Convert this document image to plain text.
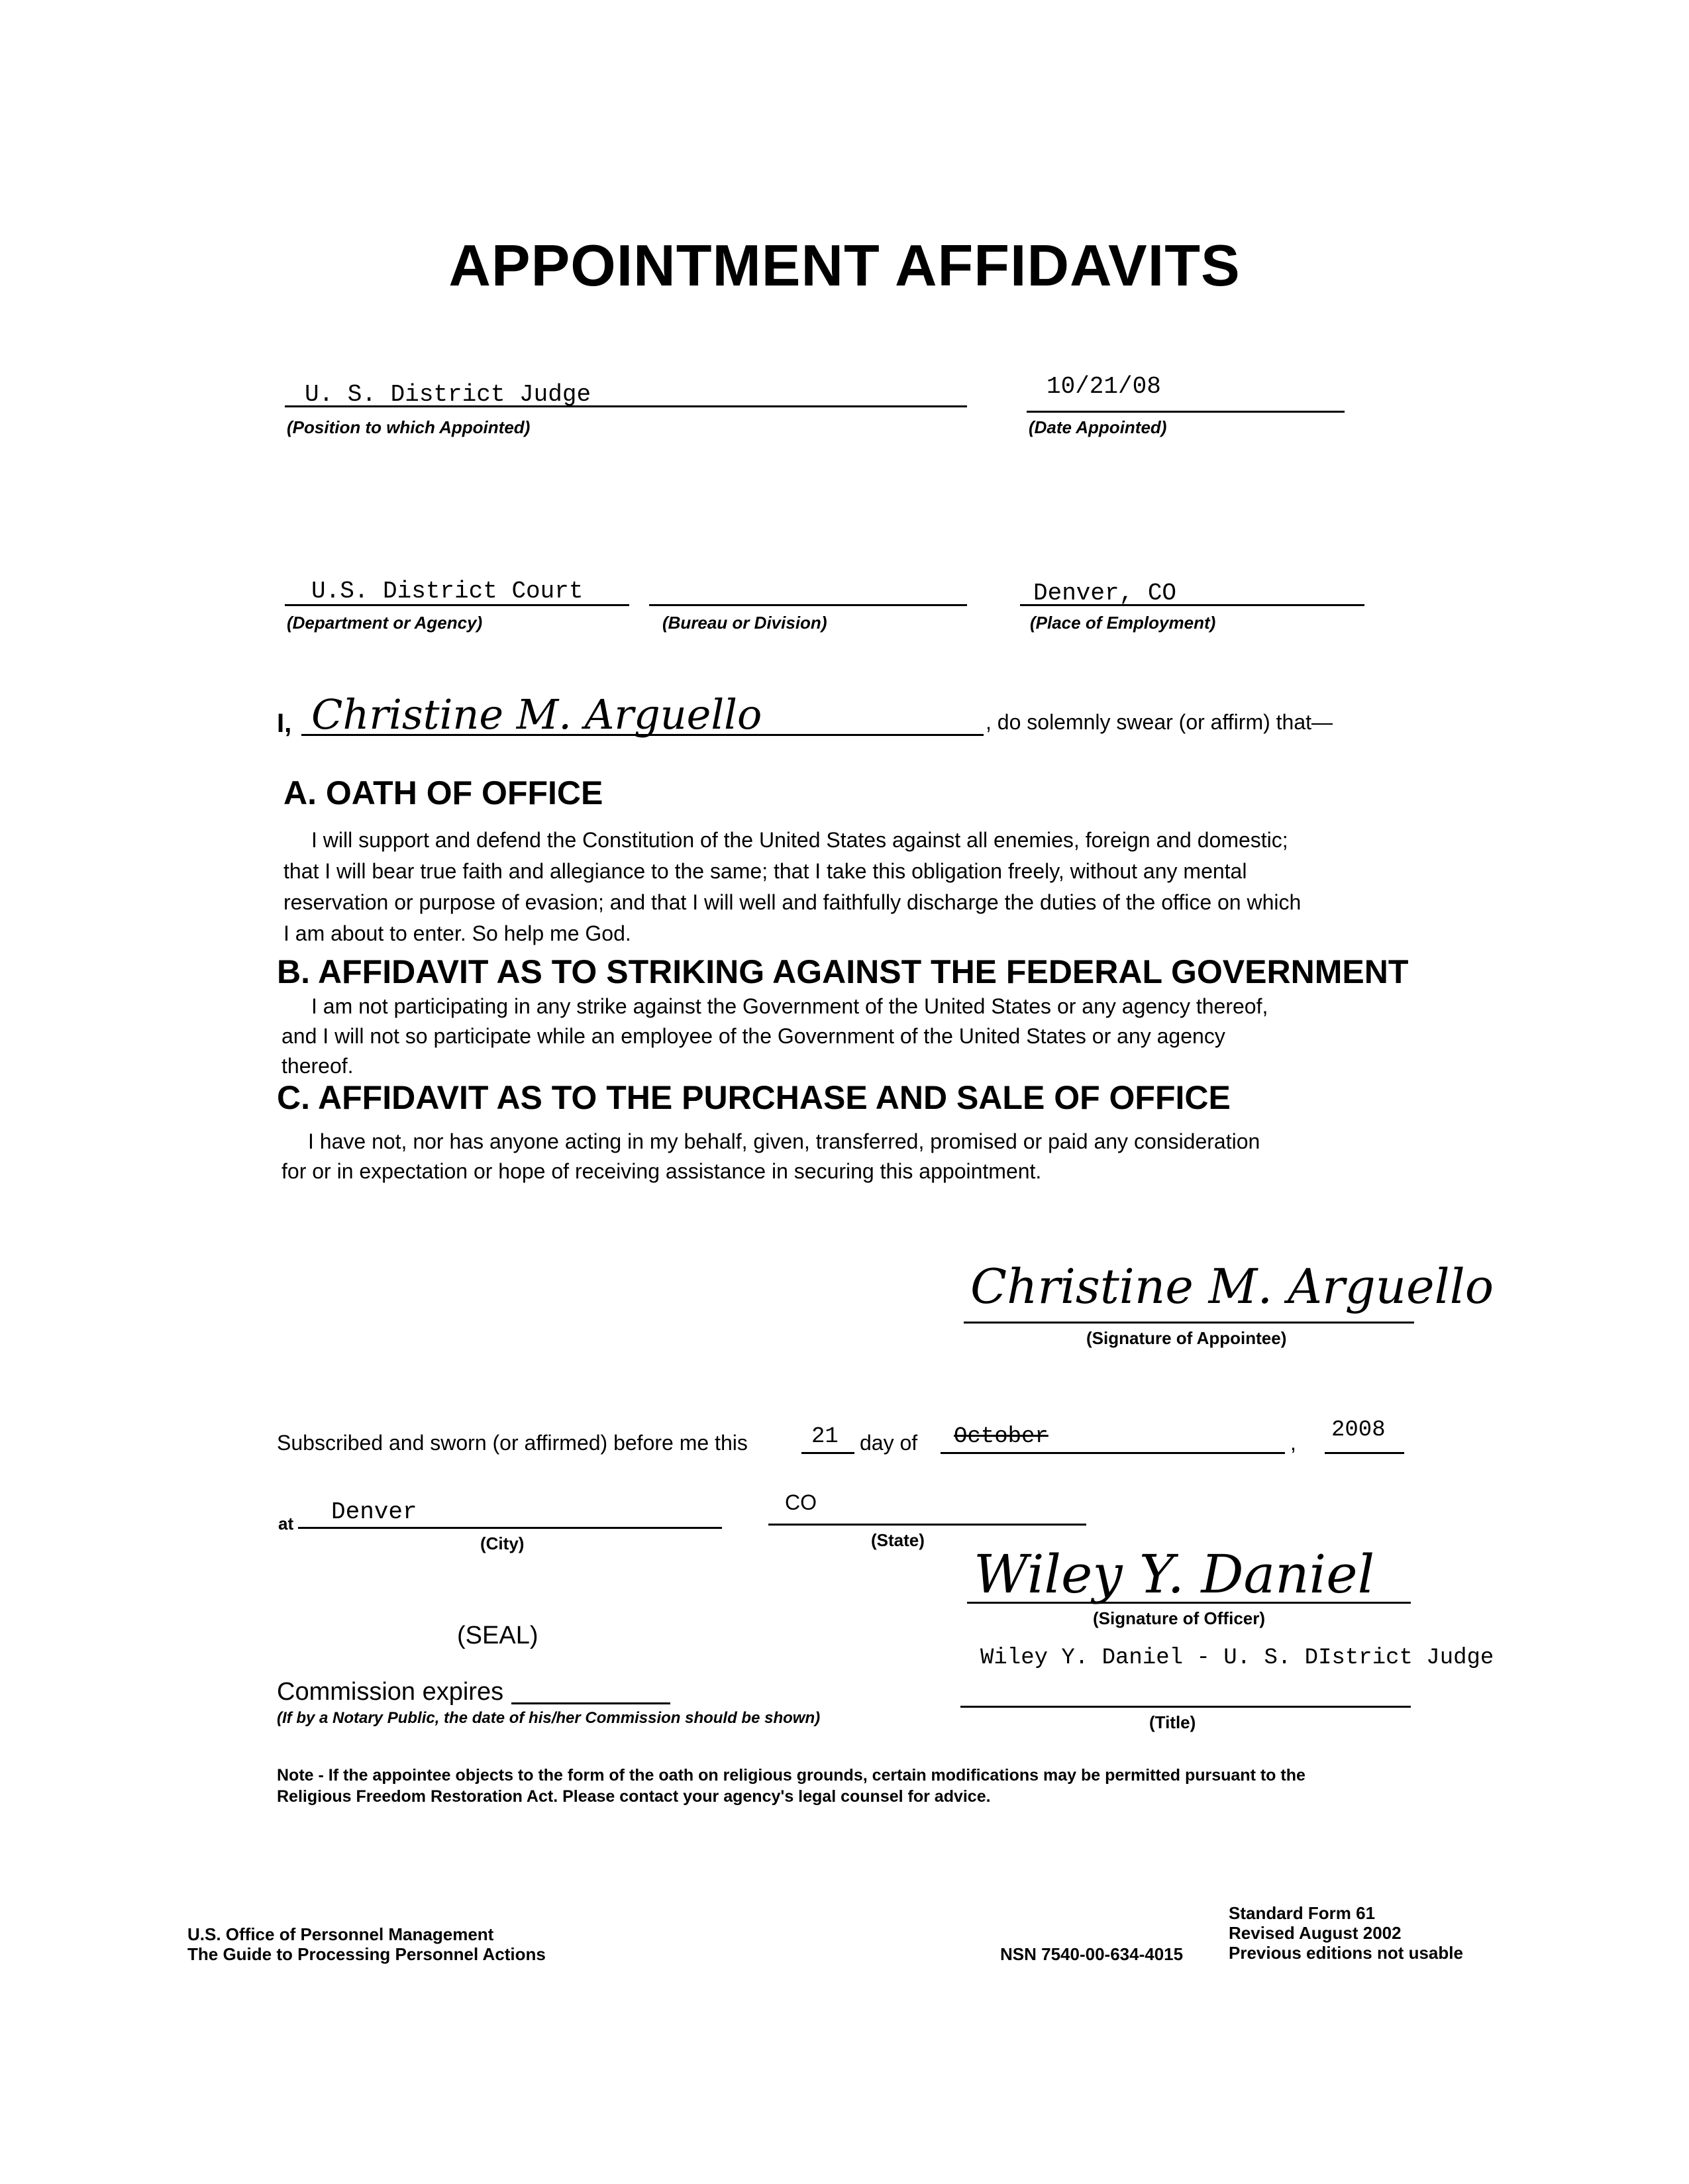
APPOINTMENT AFFIDAVITS
U. S. District Judge
(Position to which Appointed)
10/21/08
(Date Appointed)
U.S. District Court
(Department or Agency)	(Bureau or Division)
Denver, CO
(Place of Employment)
I, Christine M. Arguello	, do solemnly swear (or affirm) that—
A. OATH OF OFFICE
I will support and defend the Constitution of the United States against all enemies, foreign and domestic;
that I will bear true faith and allegiance to the same; that I take this obligation freely, without any mental
reservation or purpose of evasion; and that I will well and faithfully discharge the duties of the office on which
I am about to enter. So help me God.
B. AFFIDAVIT AS TO STRIKING AGAINST THE FEDERAL GOVERNMENT
I am not participating in any strike against the Government of the United States or any agency thereof,
and I will not so participate while an employee of the Government of the United States or any agency
thereof.
C. AFFIDAVIT AS TO THE PURCHASE AND SALE OF OFFICE
I have not, nor has anyone acting in my behalf, given, transferred, promised or paid any consideration
for or in expectation or hope of receiving assistance in securing this appointment.
Christine M. Arguello
(Signature of Appointee)
Subscribed and sworn (or affirmed) before me this	21 day of October	, 2008
at Denver
(City)
CO
(State)
Wiley Y. Daniel
(Signature of Officer)
(SEAL)
Wiley Y. Daniel - U. S. DIstrict Judge
(Title)
Commission expires
(If by a Notary Public, the date of his/her Commission should be shown)
Note - If the appointee objects to the form of the oath on religious grounds, certain modifications may be permitted pursuant to the
Religious Freedom Restoration Act. Please contact your agency's legal counsel for advice.
U.S. Office of Personnel Management
The Guide to Processing Personnel Actions	NSN 7540-00-634-4015
Standard Form 61
Revised August 2002
Previous editions not usable
